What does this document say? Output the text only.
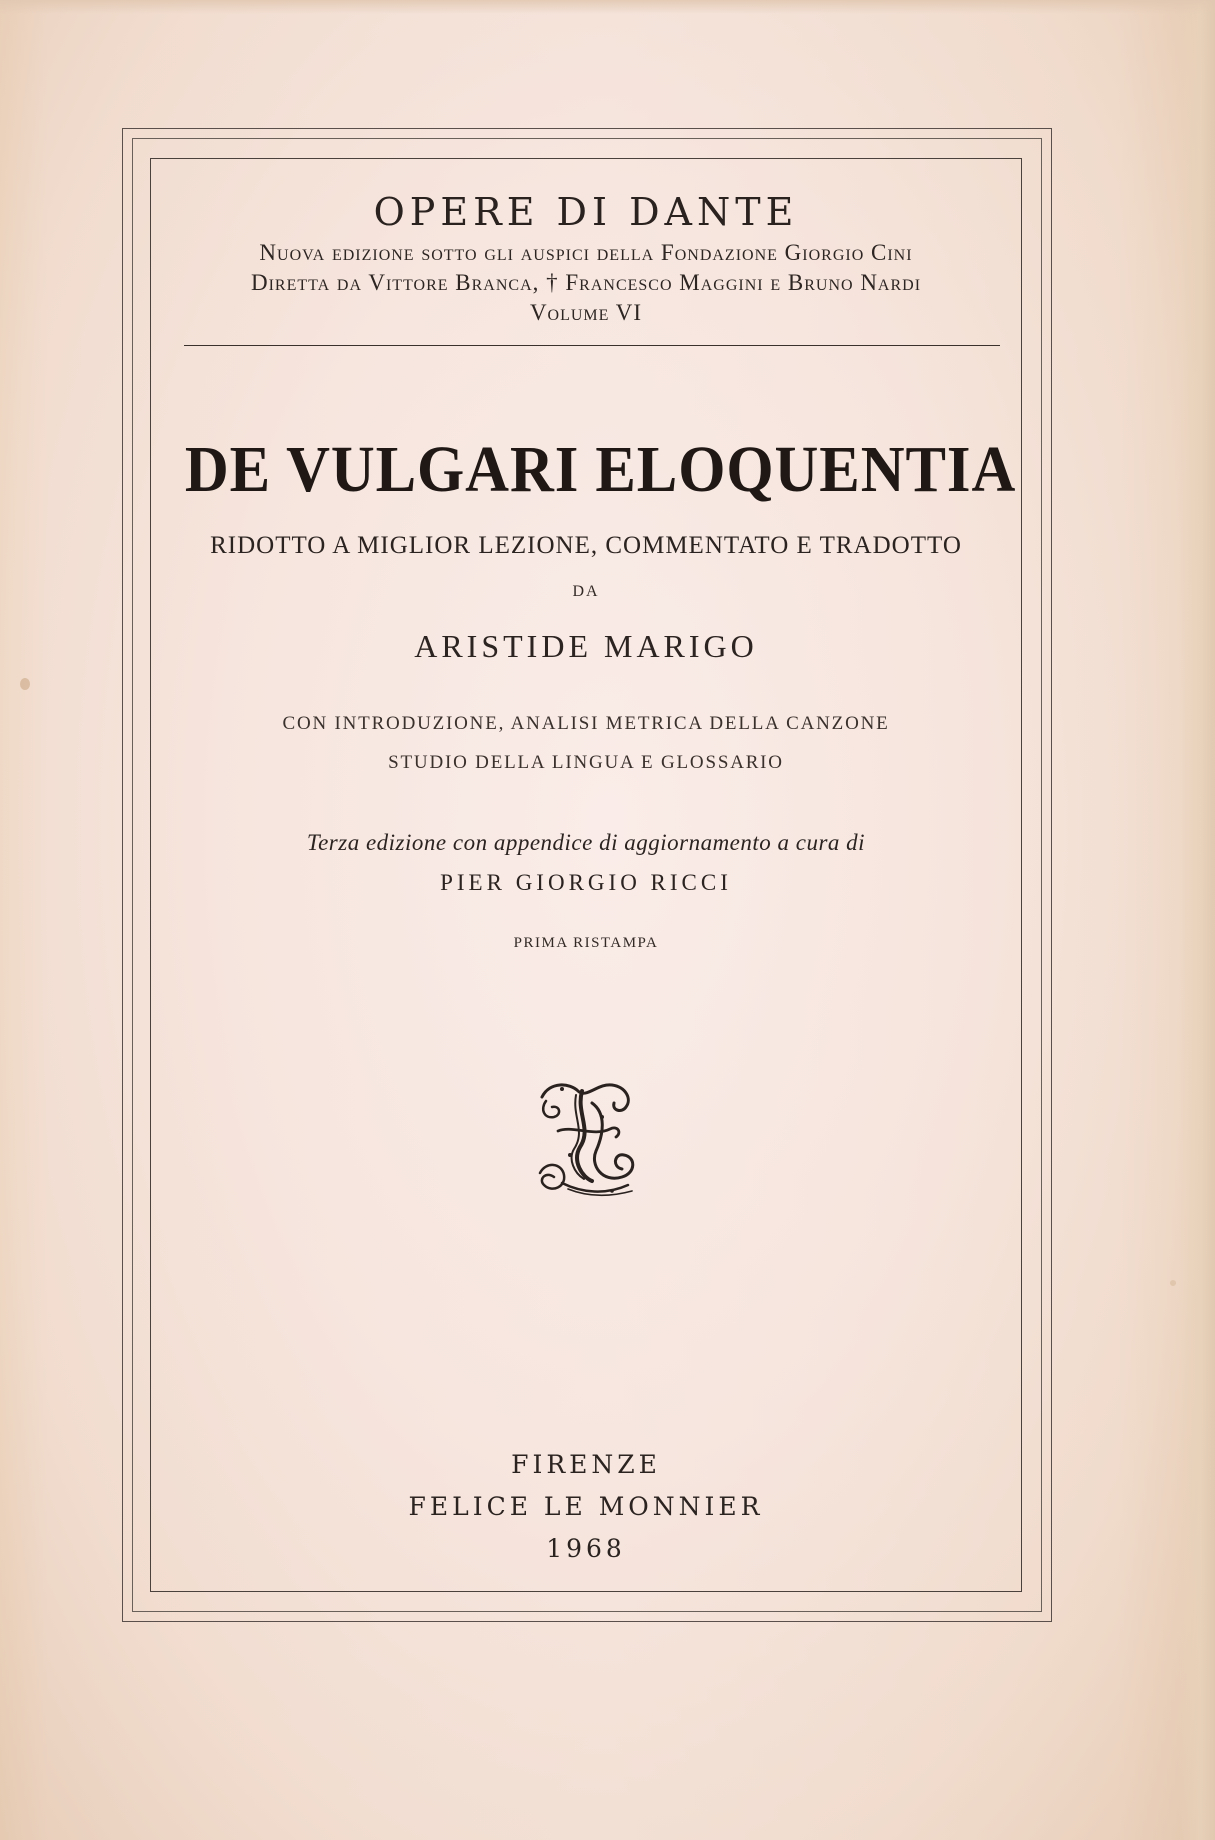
OPERE DI DANTE
Nuova edizione sotto gli auspici della Fondazione Giorgio Cini
Diretta da Vittore Branca, † Francesco Maggini e Bruno Nardi
Volume VI
DE VULGARI ELOQUENTIA
RIDOTTO A MIGLIOR LEZIONE, COMMENTATO E TRADOTTO
DA
ARISTIDE MARIGO
CON INTRODUZIONE, ANALISI METRICA DELLA CANZONE
STUDIO DELLA LINGUA E GLOSSARIO
Terza edizione con appendice di aggiornamento a cura di
PIER GIORGIO RICCI
PRIMA RISTAMPA
FIRENZE
FELICE LE MONNIER
1968
